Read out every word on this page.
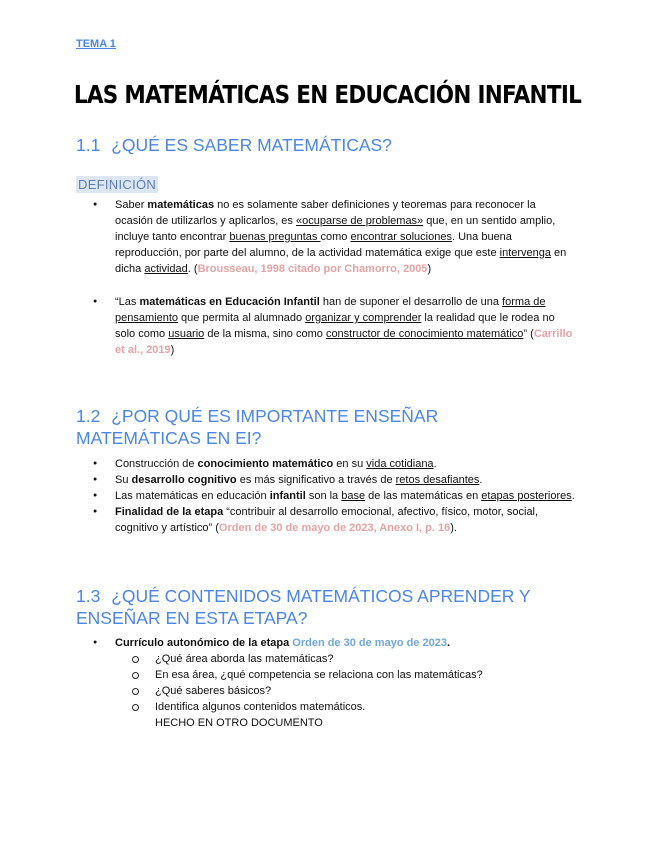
TEMA 1
LAS MATEMÁTICAS EN EDUCACIÓN INFANTIL
1.1 ¿QUÉ ES SABER MATEMÁTICAS?
DEFINICIÓN
● Saber matemáticas no es solamente saber definiciones y teoremas para reconocer la ocasión de utilizarlos y aplicarlos, es «ocuparse de problemas» que, en un sentido amplio, incluye tanto encontrar buenas preguntas como encontrar soluciones. Una buena reproducción, por parte del alumno, de la actividad matemática exige que este intervenga en dicha actividad. (Brousseau, 1998 citado por Chamorro, 2005)
● “Las matemáticas en Educación Infantil han de suponer el desarrollo de una forma de pensamiento que permita al alumnado organizar y comprender la realidad que le rodea no solo como usuario de la misma, sino como constructor de conocimiento matemático” (Carrillo et al., 2019)
1.2 ¿POR QUÉ ES IMPORTANTE ENSEÑAR MATEMÁTICAS EN EI?
● Construcción de conocimiento matemático en su vida cotidiana.
● Su desarrollo cognitivo es más significativo a través de retos desafiantes.
● Las matemáticas en educación infantil son la base de las matemáticas en etapas posteriores.
● Finalidad de la etapa “contribuir al desarrollo emocional, afectivo, físico, motor, social, cognitivo y artístico” (Orden de 30 de mayo de 2023, Anexo I, p. 16).
1.3 ¿QUÉ CONTENIDOS MATEMÁTICOS APRENDER Y ENSEÑAR EN ESTA ETAPA?
● Currículo autonómico de la etapa Orden de 30 de mayo de 2023.
¿Qué área aborda las matemáticas?
En esa área, ¿qué competencia se relaciona con las matemáticas?
¿Qué saberes básicos?
Identifica algunos contenidos matemáticos.
HECHO EN OTRO DOCUMENTO
